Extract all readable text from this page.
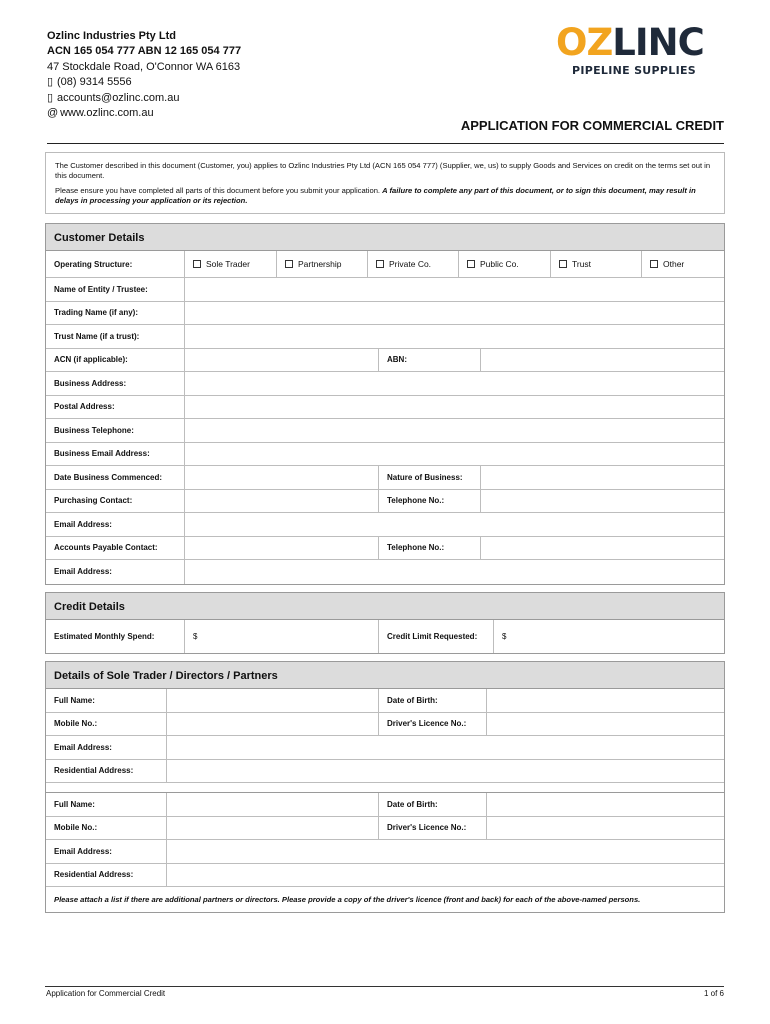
Ozlinc Industries Pty Ltd
ACN 165 054 777 ABN 12 165 054 777
47 Stockdale Road, O'Connor WA 6163
▯ (08) 9314 5556
▯ accounts@ozlinc.com.au
@ www.ozlinc.com.au
OZLINC
PIPELINE SUPPLIES
APPLICATION FOR COMMERCIAL CREDIT

The Customer described in this document (Customer, you) applies to Ozlinc Industries Pty Ltd (ACN 165 054 777) (Supplier, we, us) to supply Goods and Services on credit on the terms set out in this document.

Please ensure you have completed all parts of this document before you submit your application. A failure to complete any part of this document, or to sign this document, may result in delays in processing your application or its rejection.

Customer Details
Operating Structure:	Sole Trader	Partnership	Private Co.	Public Co.	Trust	Other
Name of Entity / Trustee:
Trading Name (if any):
Trust Name (if a trust):
ACN (if applicable):	ABN:
Business Address:
Postal Address:
Business Telephone:
Business Email Address:
Date Business Commenced:	Nature of Business:
Purchasing Contact:	Telephone No.:
Email Address:
Accounts Payable Contact:	Telephone No.:
Email Address:
Credit Details
Estimated Monthly Spend:	$	Credit Limit Requested:	$
Details of Sole Trader / Directors / Partners
Full Name:	Date of Birth:
Mobile No.:	Driver's Licence No.:
Email Address:
Residential Address:
Full Name:	Date of Birth:
Mobile No.:	Driver's Licence No.:
Email Address:
Residential Address:
Please attach a list if there are additional partners or directors. Please provide a copy of the driver's licence (front and back) for each of the above-named persons.
Application for Commercial Credit	1 of 6
